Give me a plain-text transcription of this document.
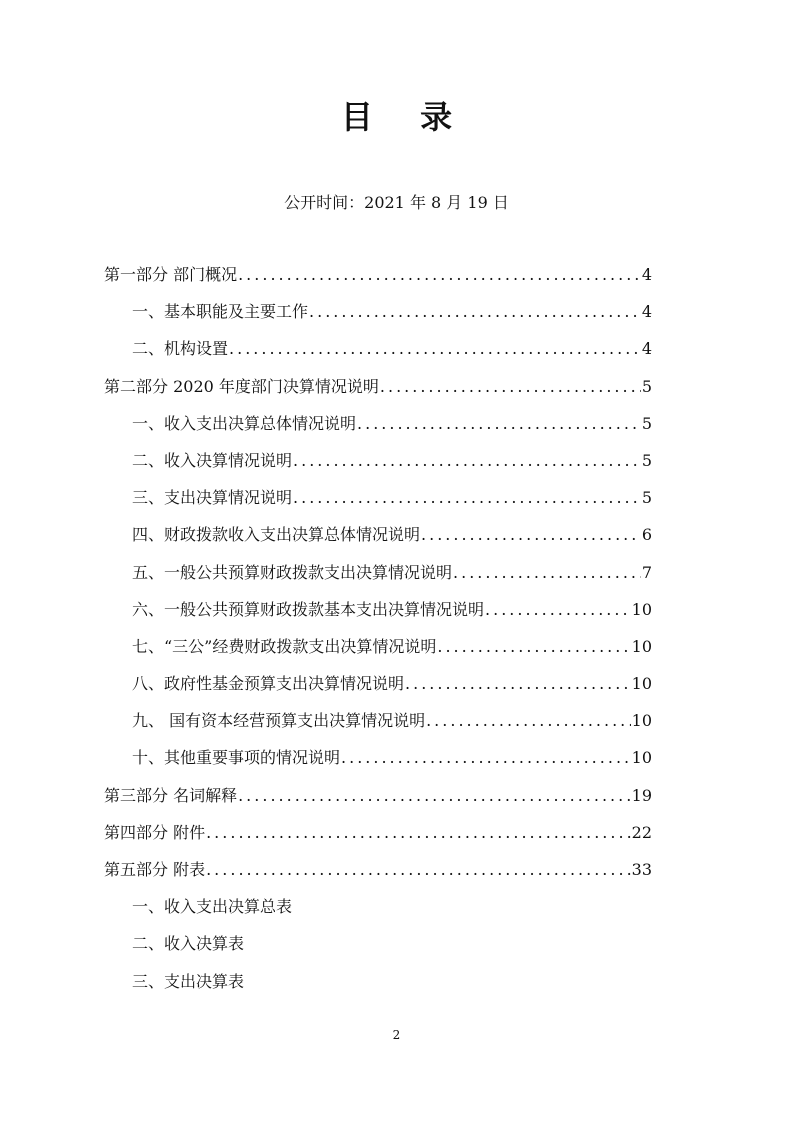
目 录
公开时间：2021 年 8 月 19 日
第一部分 部门概况 .....	4
一、基本职能及主要工作 .....	4
二、机构设置 .....	4
第二部分 2020 年度部门决算情况说明 .....	5
一、收入支出决算总体情况说明 .....	5
二、收入决算情况说明 .....	5
三、支出决算情况说明 .....	5
四、财政拨款收入支出决算总体情况说明 .....	6
五、一般公共预算财政拨款支出决算情况说明 .....	7
六、一般公共预算财政拨款基本支出决算情况说明 .....	10
七、“三公”经费财政拨款支出决算情况说明 .....	10
八、政府性基金预算支出决算情况说明 .....	10
九、 国有资本经营预算支出决算情况说明 .....	10
十、其他重要事项的情况说明 .....	10
第三部分 名词解释 .....	19
第四部分 附件 .....	22
第五部分 附表 .....	33
一、收入支出决算总表
二、收入决算表
三、支出决算表
2
